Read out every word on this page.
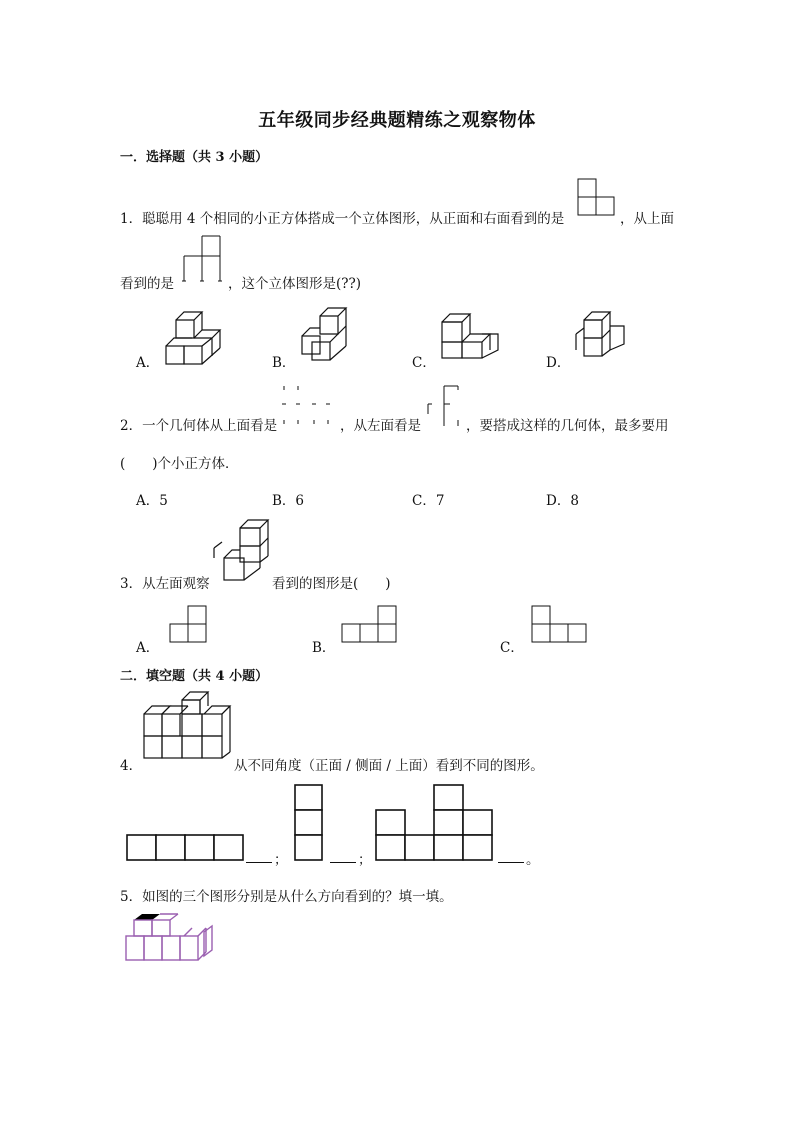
五年级同步经典题精练之观察物体
一．选择题（共 3 小题）
1．聪聪用 4 个相同的小正方体搭成一个立体图形，从正面和右面看到的是	，从上面
看到的是	，这个立体图形是(??)
A．	B．	C．	D．
2．一个几何体从上面看是	，从左面看是	，要搭成这样的几何体，最多要用
(　　)个小正方体．
A．5	B．6	C．7	D．8
3．从左面观察	看到的图形是(　　)
A．	B．	C．
二．填空题（共 4 小题）
4．	从不同角度（正面 / 侧面 / 上面）看到不同的图形。
；	；	。
5．如图的三个图形分别是从什么方向看到的？填一填。
